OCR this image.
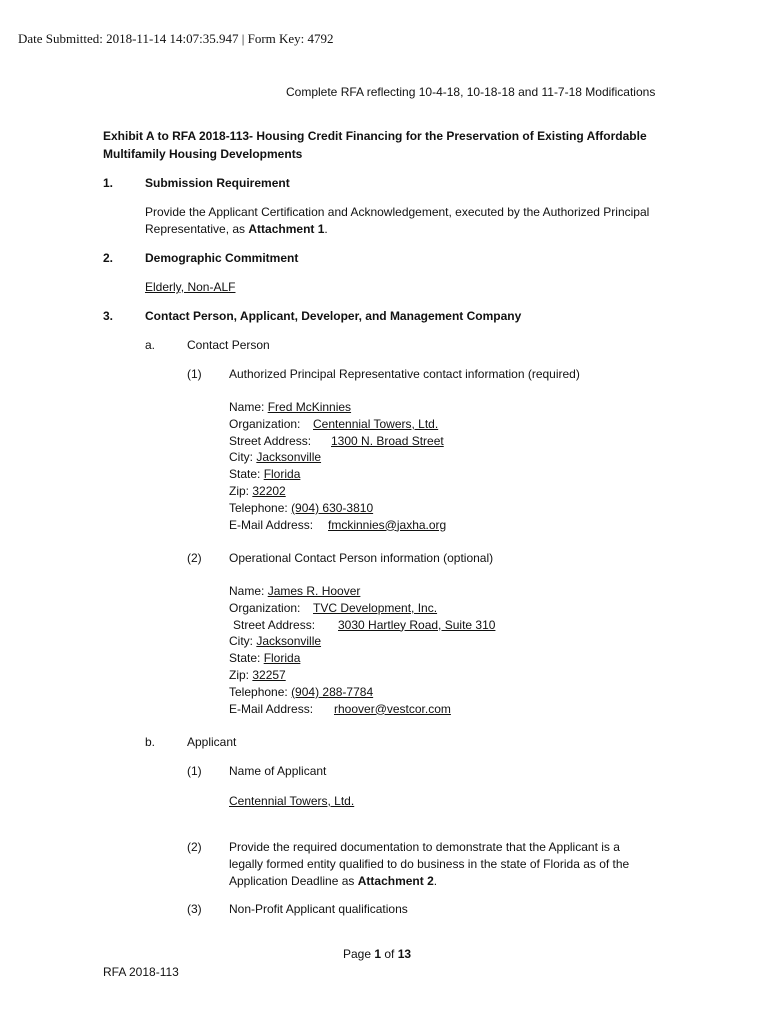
Date Submitted: 2018-11-14 14:07:35.947 | Form Key: 4792
Complete RFA reflecting 10-4-18, 10-18-18 and 11-7-18 Modifications
Exhibit A to RFA 2018-113- Housing Credit Financing for the Preservation of Existing Affordable
Multifamily Housing Developments
1.	Submission Requirement
Provide the Applicant Certification and Acknowledgement, executed by the Authorized Principal
Representative, as Attachment 1.
2.	Demographic Commitment
Elderly, Non-ALF
3.	Contact Person, Applicant, Developer, and Management Company
a.	Contact Person
(1) Authorized Principal Representative contact information (required)
Name: Fred McKinnies
Organization: Centennial Towers, Ltd.
Street Address: 1300 N. Broad Street
City: Jacksonville
State: Florida
Zip: 32202
Telephone: (904) 630-3810
E-Mail Address: fmckinnies@jaxha.org
(2) Operational Contact Person information (optional)
Name: James R. Hoover
Organization: TVC Development, Inc.
Street Address: 3030 Hartley Road, Suite 310
City: Jacksonville
State: Florida
Zip: 32257
Telephone: (904) 288-7784
E-Mail Address: rhoover@vestcor.com
b.	Applicant
(1) Name of Applicant
Centennial Towers, Ltd.
(2) Provide the required documentation to demonstrate that the Applicant is a
legally formed entity qualified to do business in the state of Florida as of the
Application Deadline as Attachment 2.
(3) Non-Profit Applicant qualifications
Page 1 of 13
RFA 2018-113
